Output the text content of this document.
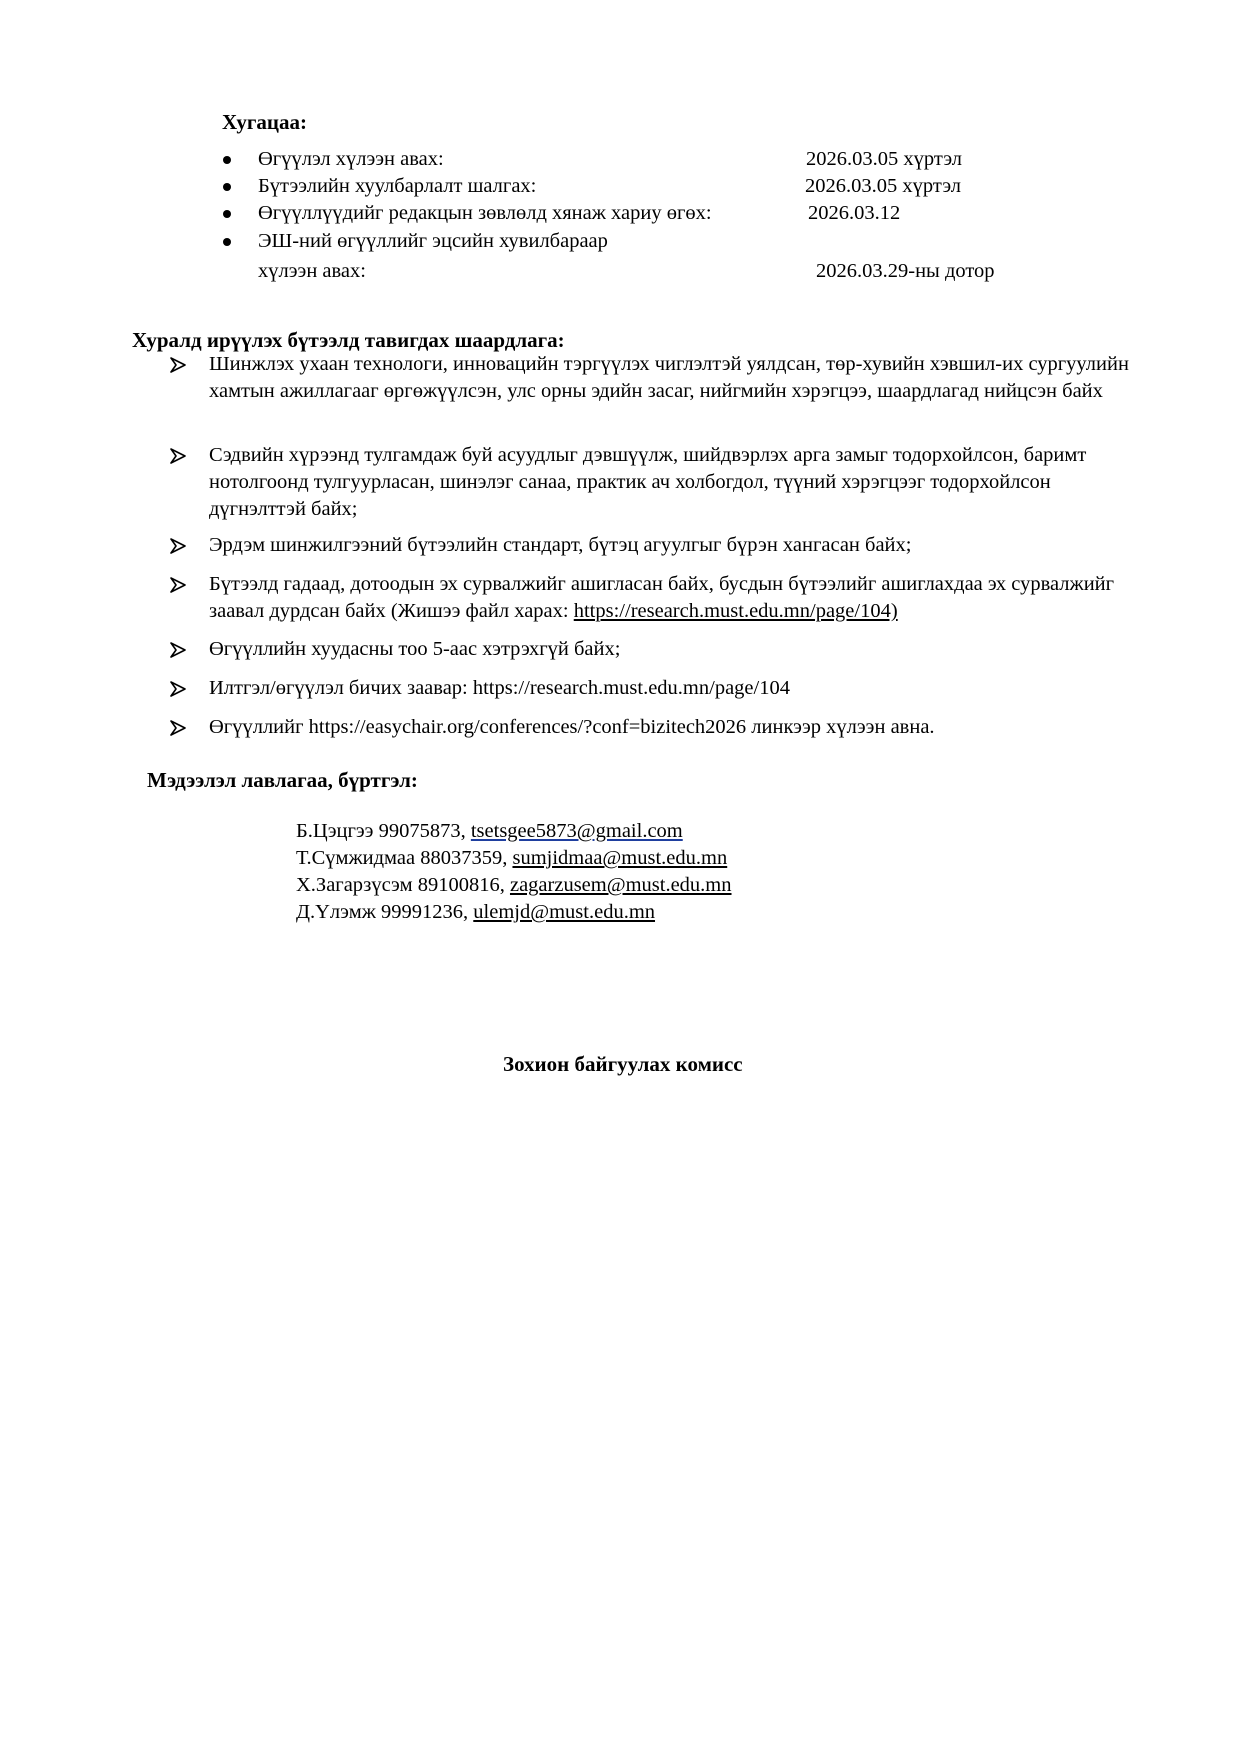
Хугацаа:
Өгүүлэл хүлээн авах:	2026.03.05 хүртэл
Бүтээлийн хуулбарлалт шалгах:	2026.03.05 хүртэл
Өгүүллүүдийг редакцын зөвлөлд хянаж хариу өгөх:	2026.03.12
ЭШ-ний өгүүллийг эцсийн хувилбараар
хүлээн авах:	2026.03.29-ны дотор
Хуралд ирүүлэх бүтээлд тавигдах шаардлага:
Шинжлэх ухаан технологи, инновацийн тэргүүлэх чиглэлтэй уялдсан, төр-хувийн хэвшил-их сургуулийн хамтын ажиллагааг өргөжүүлсэн, улс орны эдийн засаг, нийгмийн хэрэгцээ, шаардлагад нийцсэн байх
Сэдвийн хүрээнд тулгамдаж буй асуудлыг дэвшүүлж, шийдвэрлэх арга замыг тодорхойлсон, баримт нотолгоонд тулгуурласан, шинэлэг санаа, практик ач холбогдол, түүний хэрэгцээг тодорхойлсон дүгнэлттэй байх;
Эрдэм шинжилгээний бүтээлийн стандарт, бүтэц агуулгыг бүрэн хангасан байх;
Бүтээлд гадаад, дотоодын эх сурвалжийг ашигласан байх, бусдын бүтээлийг ашиглахдаа эх сурвалжийг заавал дурдсан байх (Жишээ файл харах: https://research.must.edu.mn/page/104)
Өгүүллийн хуудасны тоо 5-аас хэтрэхгүй байх;
Илтгэл/өгүүлэл бичих заавар: https://research.must.edu.mn/page/104
Өгүүллийг https://easychair.org/conferences/?conf=bizitech2026 линкээр хүлээн авна.
Мэдээлэл лавлагаа, бүртгэл:
Б.Цэцгээ 99075873, tsetsgee5873@gmail.com
Т.Сүмжидмаа 88037359, sumjidmaa@must.edu.mn
Х.Загарзүсэм 89100816, zagarzusem@must.edu.mn
Д.Үлэмж 99991236, ulemjd@must.edu.mn
Зохион байгуулах комисс
